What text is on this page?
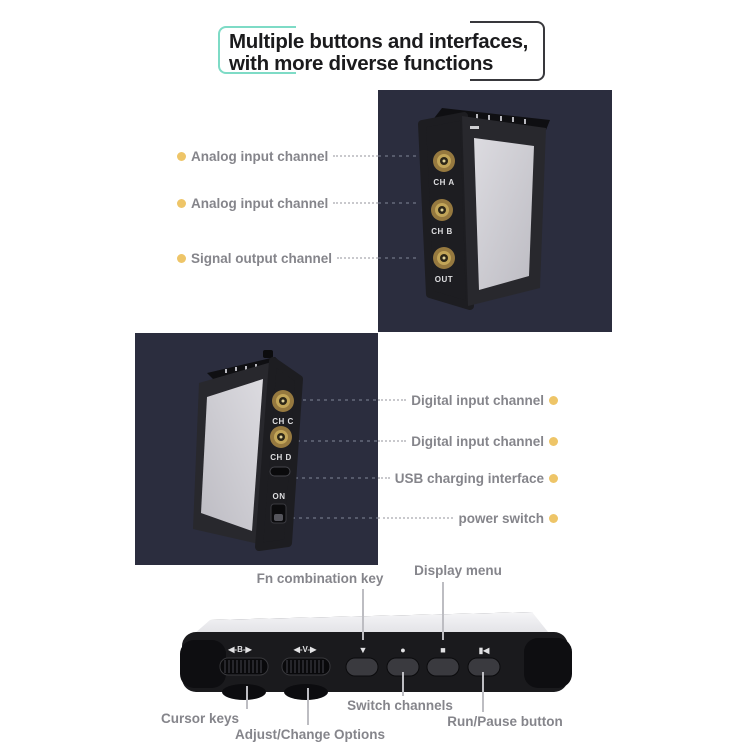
Multiple buttons and interfaces,
with more diverse functions
CH A
CH B
OUT
Analog input channel
Analog input channel
Signal output channel
CH C
CH D
ON
Digital input channel
Digital input channel
USB charging interface
power switch
◀-B-▶	◀-V-▶	▼	●	■	▮◀
Fn combination key
Display menu
Cursor keys
Adjust/Change Options
Switch channels
Run/Pause button
